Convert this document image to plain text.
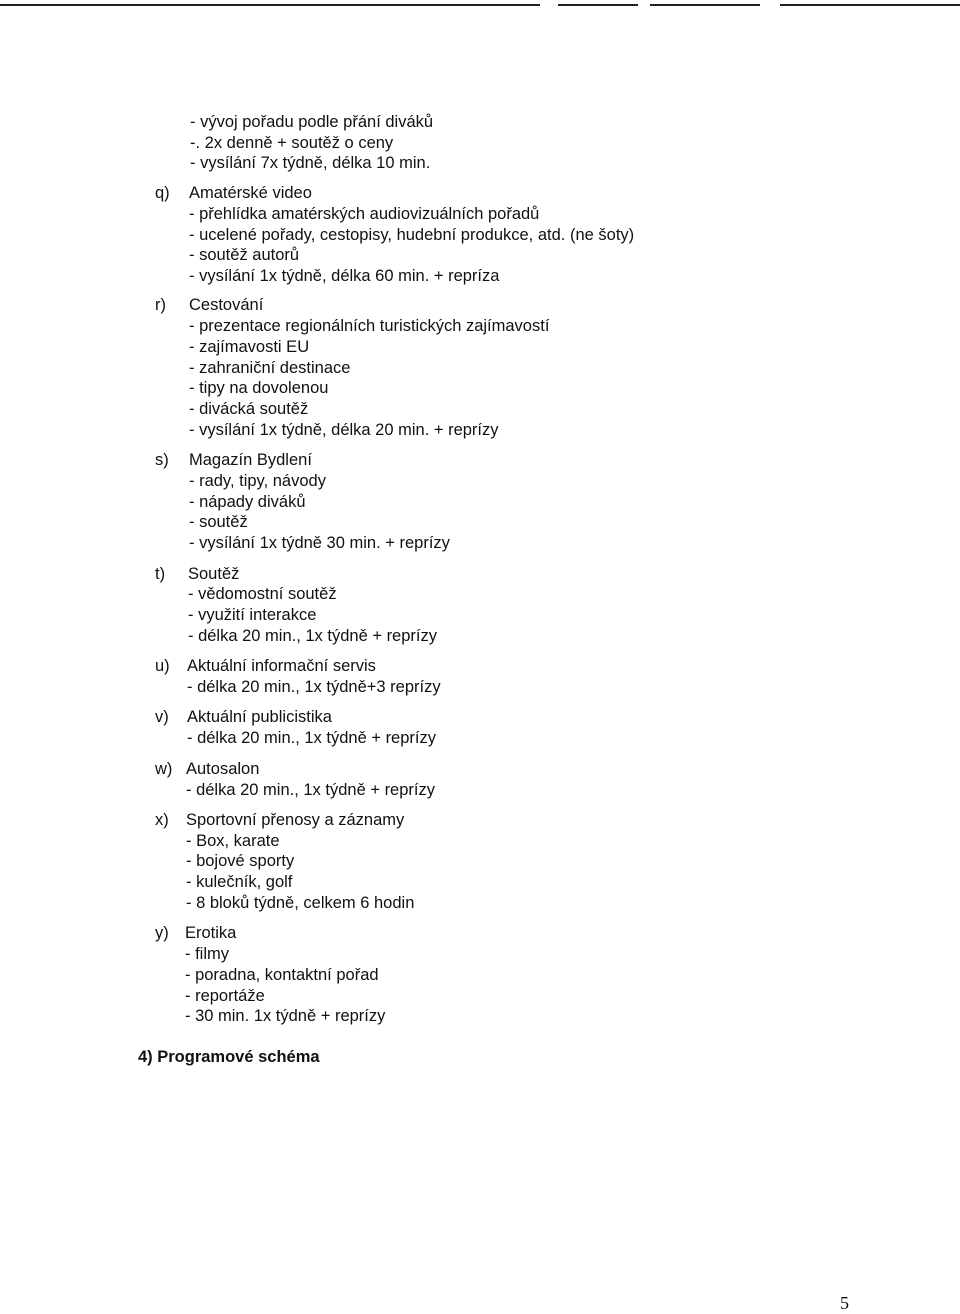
- vývoj pořadu podle přání diváků
-. 2x denně + soutěž o ceny
- vysílání 7x týdně, délka 10 min.
q) Amatérské video
- přehlídka amatérských audiovizuálních pořadů
- ucelené pořady, cestopisy, hudební produkce, atd. (ne šoty)
- soutěž autorů
- vysílání 1x týdně, délka 60 min. + repríza
r) Cestování
- prezentace regionálních turistických zajímavostí
- zajímavosti EU
- zahraniční destinace
- tipy na dovolenou
- divácká soutěž
- vysílání 1x týdně, délka 20 min. + reprízy
s) Magazín Bydlení
- rady, tipy, návody
- nápady diváků
- soutěž
- vysílání 1x týdně 30 min. + reprízy
t) Soutěž
- vědomostní soutěž
- využití interakce
- délka 20 min., 1x týdně + reprízy
u) Aktuální informační servis
- délka 20 min., 1x týdně+3 reprízy
v) Aktuální publicistika
- délka 20 min., 1x týdně + reprízy
w) Autosalon
- délka 20 min., 1x týdně + reprízy
x) Sportovní přenosy a záznamy
- Box, karate
- bojové sporty
- kulečník, golf
- 8 bloků týdně, celkem 6 hodin
y) Erotika
- filmy
- poradna, kontaktní pořad
- reportáže
- 30 min. 1x týdně + reprízy
4) Programové schéma
5
